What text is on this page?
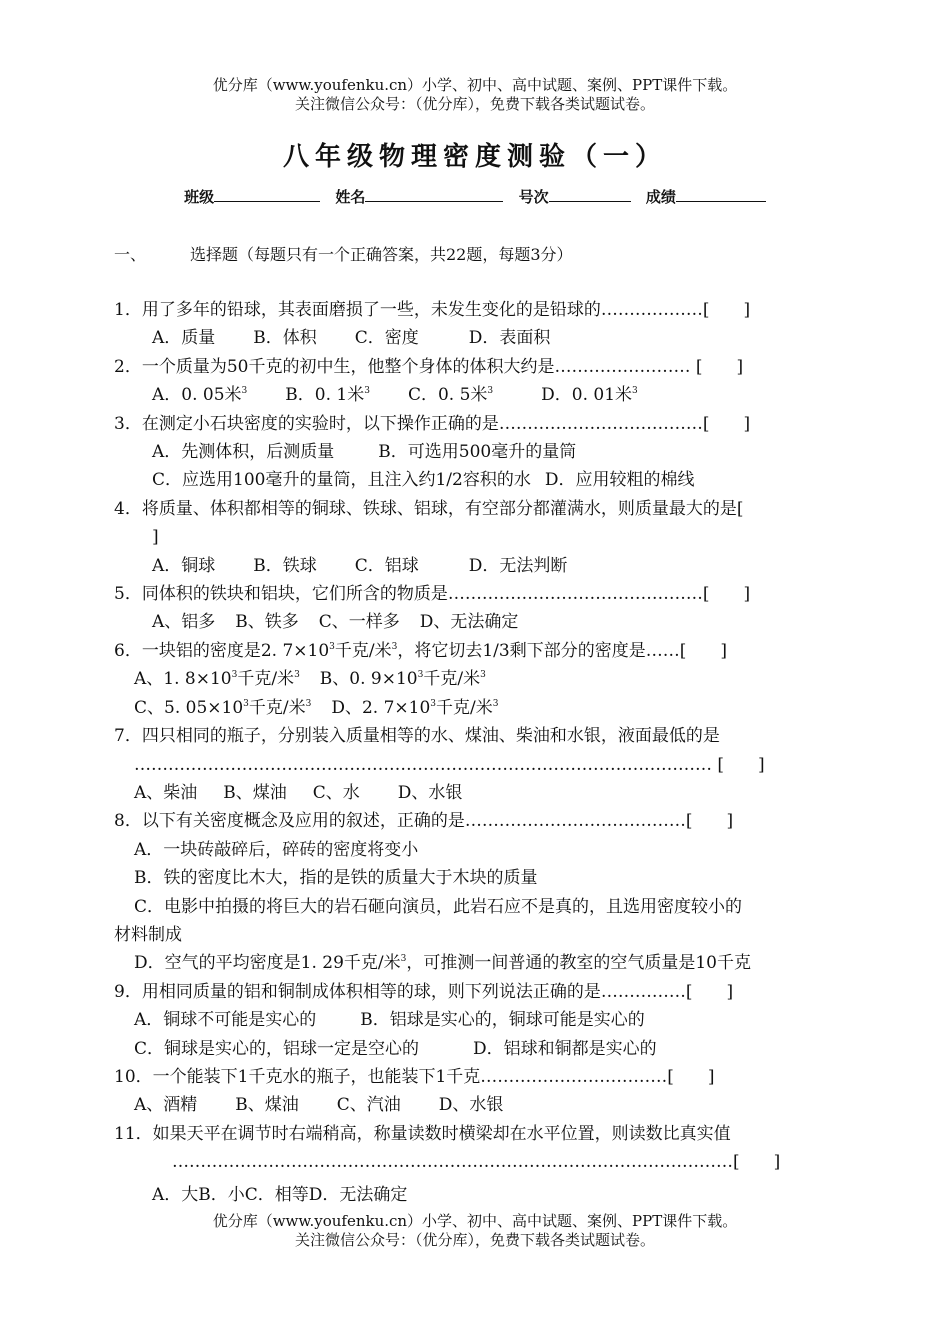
优分库（www.youfenku.cn）小学、初中、高中试题、案例、PPT课件下载。
关注微信公众号：（优分库），免费下载各类试题试卷。
八年级物理密度测验（一）
班级	姓名	号次	成绩
一、	选择题（每题只有一个正确答案，共22题，每题3分）
1．用了多年的铅球，其表面磨损了一些，未发生变化的是铅球的………………[　　]
A．质量 B．体积 C．密度	D．表面积
2．一个质量为50千克的初中生，他整个身体的体积大约是…………………… [　　]
A．0. 05米$^3$ B．0. 1米$^3$ C．0. 5米$^3$	D．0. 01米$^3$
3．在测定小石块密度的实验时，以下操作正确的是………………………………[　　]
A．先测体积，后测质量	B．可选用500毫升的量筒
C．应选用100毫升的量筒，且注入约1/2容积的水 D．应用较粗的棉线
4．将质量、体积都相等的铜球、铁球、铝球，有空部分都灌满水，则质量最大的是[
]
A．铜球 B．铁球 C．铝球	D．无法判断
5．同体积的铁块和铝块，它们所含的物质是………………………………………[　　]
A、铝多 B、铁多 C、一样多 D、无法确定
6．一块铝的密度是2. $7\times 10^3$千克/米$^3$，将它切去1/3剩下部分的密度是……[　　]
A、1. $8\times 10^3$千克/米$^3$ B、0. $9\times 10^3$千克/米$^3$
C、5. $05\times 10^3$千克/米$^3$ D、2. $7\times 10^3$千克/米$^3$
7．四只相同的瓶子，分别装入质量相等的水、煤油、柴油和水银，液面最低的是
………………………………………………………………………………………… [　　]
A、柴油 B、煤油 C、水 D、水银
8．以下有关密度概念及应用的叙述，正确的是…………………………………[　　]
A．一块砖敲碎后，碎砖的密度将变小
B．铁的密度比木大，指的是铁的质量大于木块的质量
C．电影中拍摄的将巨大的岩石砸向演员，此岩石应不是真的，且选用密度较小的
材料制成
D．空气的平均密度是1. 29千克/米$^3$，可推测一间普通的教室的空气质量是10千克
9．用相同质量的铝和铜制成体积相等的球，则下列说法正确的是……………[　　]
A．铜球不可能是实心的	B．铝球是实心的，铜球可能是实心的
C．铜球是实心的，铝球一定是空心的	D．铝球和铜都是实心的
10．一个能装下1千克水的瓶子，也能装下1千克……………………………[　　]
A、酒精 B、煤油 C、汽油 D、水银
11．如果天平在调节时右端稍高，称量读数时横梁却在水平位置，则读数比真实值
………………………………………………………………………………………[　　]
A．大B．小C．相等D．无法确定
优分库（www.youfenku.cn）小学、初中、高中试题、案例、PPT课件下载。
关注微信公众号：（优分库），免费下载各类试题试卷。
